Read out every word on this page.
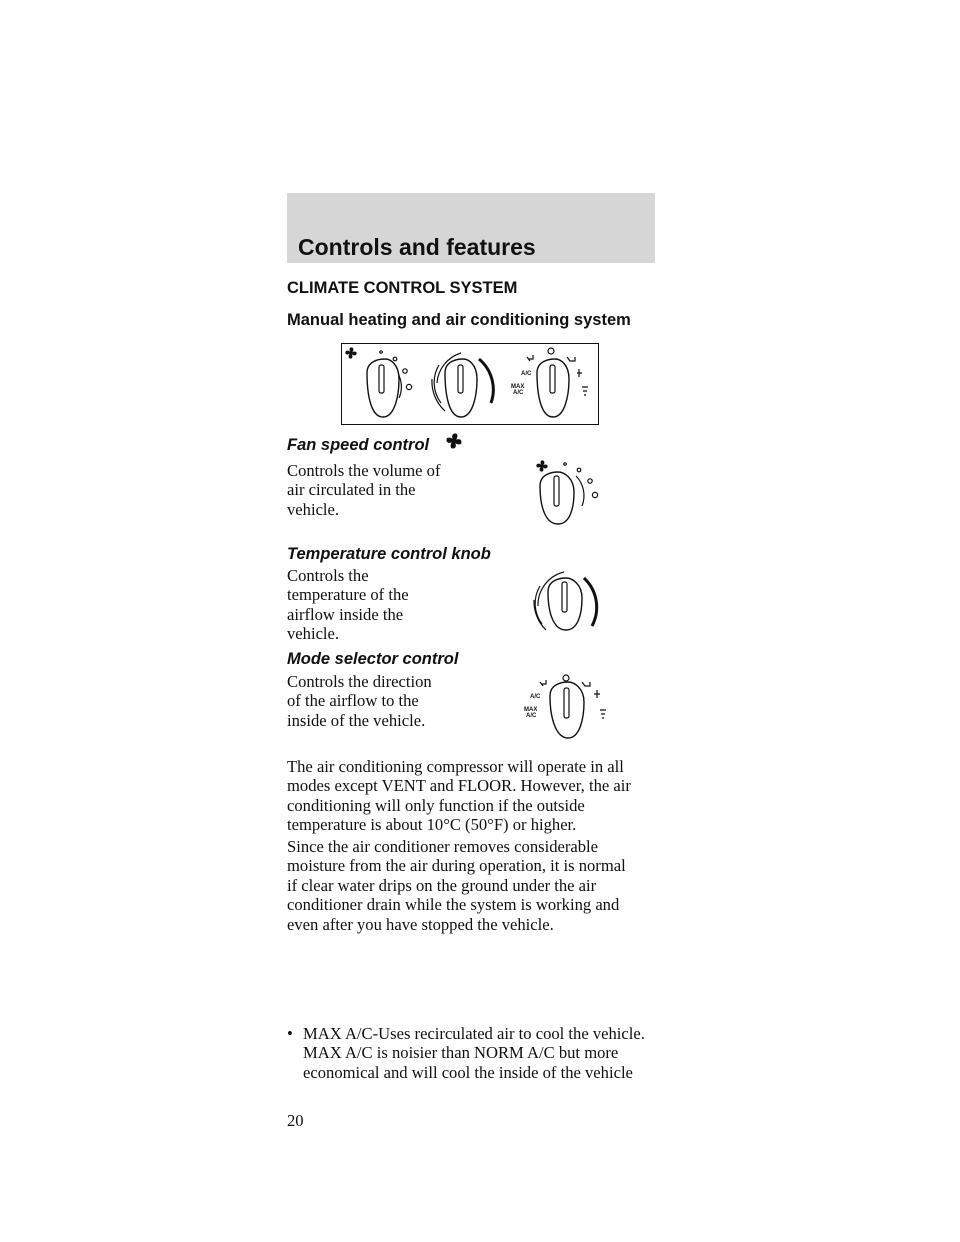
Controls and features
CLIMATE CONTROL SYSTEM
Manual heating and air conditioning system
A/C
MAX
A/C
Fan speed control
Controls the volume of
air circulated in the
vehicle.
Temperature control knob
Controls the
temperature of the
airflow inside the
vehicle.
Mode selector control
Controls the direction
of the airflow to the
inside of the vehicle.
A/C
MAX
A/C
The air conditioning compressor will operate in all
modes except VENT and FLOOR. However, the air
conditioning will only function if the outside
temperature is about 10°C (50°F) or higher.
Since the air conditioner removes considerable
moisture from the air during operation, it is normal
if clear water drips on the ground under the air
conditioner drain while the system is working and
even after you have stopped the vehicle.
• MAX A/C-Uses recirculated air to cool the vehicle.
MAX A/C is noisier than NORM A/C but more
economical and will cool the inside of the vehicle
20
